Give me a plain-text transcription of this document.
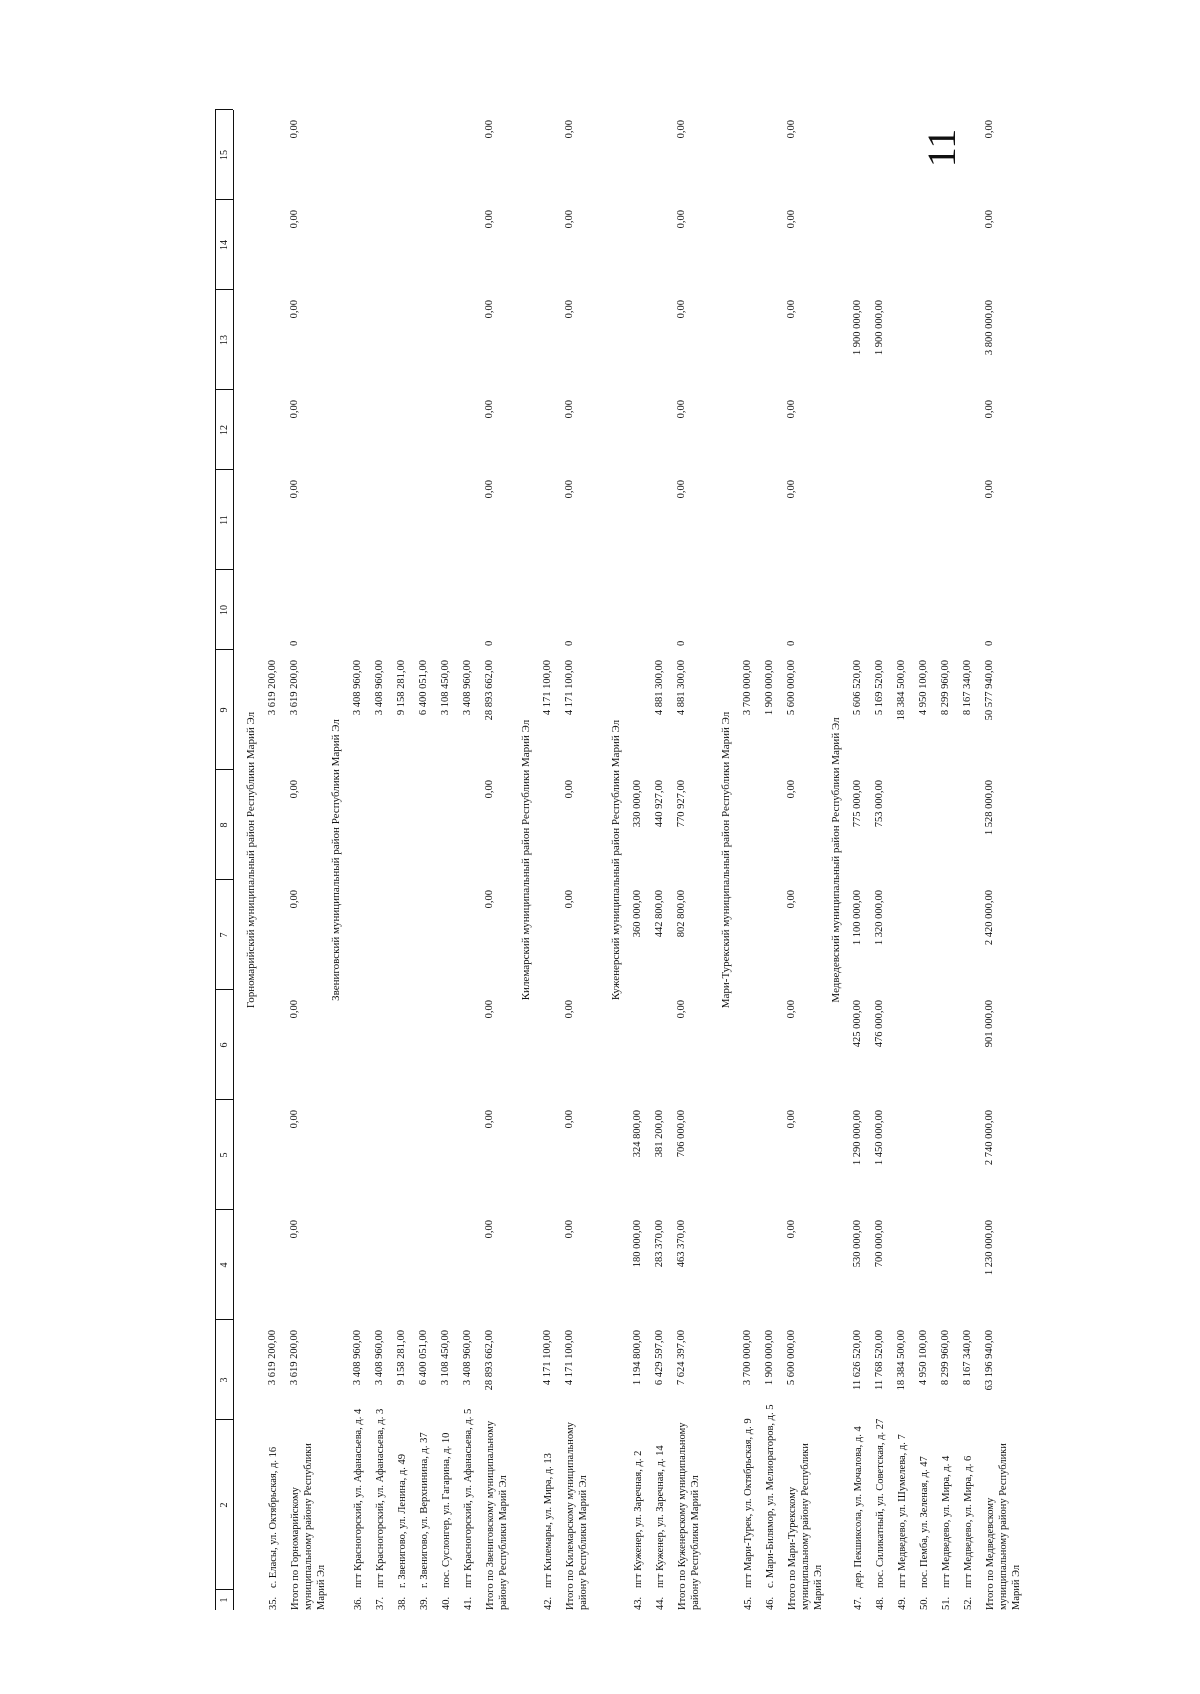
11
1
2
3
4
5
6
7
8
9
10
11
12
13
14
15
Горномарийский муниципальный район Республики Марий Эл
35.
с. Еласы, ул. Октябрьская, д. 16
3 619 200,00
3 619 200,00
Итого по Горномарийскому муниципальному району Республики Марий Эл
3 619 200,00
0,00
0,00
0,00
0,00
0,00
3 619 200,00
0
0,00
0,00
0,00
0,00
0,00
Звениговский муниципальный район Республики Марий Эл
36.
пгт Красногорский, ул. Афанасьева, д. 4
3 408 960,00
3 408 960,00
37.
пгт Красногорский, ул. Афанасьева, д. 3
3 408 960,00
3 408 960,00
38.
г. Звенигово, ул. Ленина, д. 49
9 158 281,00
9 158 281,00
39.
г. Звенигово, ул. Верхнинина, д. 37
6 400 051,00
6 400 051,00
40.
пос. Суслонгер, ул. Гагарина, д. 10
3 108 450,00
3 108 450,00
41.
пгт Красногорский, ул. Афанасьева, д. 5
3 408 960,00
3 408 960,00
Итого по Звениговскому муниципальному району Республики Марий Эл
28 893 662,00
0,00
0,00
0,00
0,00
0,00
28 893 662,00
0
0,00
0,00
0,00
0,00
0,00
Килемарский муниципальный район Республики Марий Эл
42.
пгт Килемары, ул. Мира, д. 13
4 171 100,00
4 171 100,00
Итого по Килемарскому муниципальному району Республики Марий Эл
4 171 100,00
0,00
0,00
0,00
0,00
0,00
4 171 100,00
0
0,00
0,00
0,00
0,00
0,00
Куженерский муниципальный район Республики Марий Эл
43.
пгт Куженер, ул. Заречная, д. 2
1 194 800,00
180 000,00
324 800,00
360 000,00
330 000,00
44.
пгт Куженер, ул. Заречная, д. 14
6 429 597,00
283 370,00
381 200,00
442 800,00
440 927,00
4 881 300,00
Итого по Куженерскому муниципальному району Республики Марий Эл
7 624 397,00
463 370,00
706 000,00
0,00
802 800,00
770 927,00
4 881 300,00
0
0,00
0,00
0,00
0,00
0,00
Мари-Турекский муниципальный район Республики Марий Эл
45.
пгт Мари-Турек, ул. Октябрьская, д. 9
3 700 000,00
3 700 000,00
46.
с. Мари-Билямор, ул. Мелиораторов, д. 5
1 900 000,00
1 900 000,00
Итого по Мари-Турекскому муниципальному району Республики Марий Эл
5 600 000,00
0,00
0,00
0,00
0,00
0,00
5 600 000,00
0
0,00
0,00
0,00
0,00
0,00
Медведевский муниципальный район Республики Марий Эл
47.
дер. Пекшиксола, ул. Мочалова, д. 4
11 626 520,00
530 000,00
1 290 000,00
425 000,00
1 100 000,00
775 000,00
5 606 520,00
1 900 000,00
48.
пос. Силикатный, ул. Советская, д. 27
11 768 520,00
700 000,00
1 450 000,00
476 000,00
1 320 000,00
753 000,00
5 169 520,00
1 900 000,00
49.
пгт Медведево, ул. Шумелева, д. 7
18 384 500,00
18 384 500,00
50.
пос. Пемба, ул. Зеленая, д. 47
4 950 100,00
4 950 100,00
51.
пгт Медведево, ул. Мира, д. 4
8 299 960,00
8 299 960,00
52.
пгт Медведево, ул. Мира, д. 6
8 167 340,00
8 167 340,00
Итого по Медведевскому муниципальному району Республики Марий Эл
63 196 940,00
1 230 000,00
2 740 000,00
901 000,00
2 420 000,00
1 528 000,00
50 577 940,00
0
0,00
0,00
3 800 000,00
0,00
0,00
